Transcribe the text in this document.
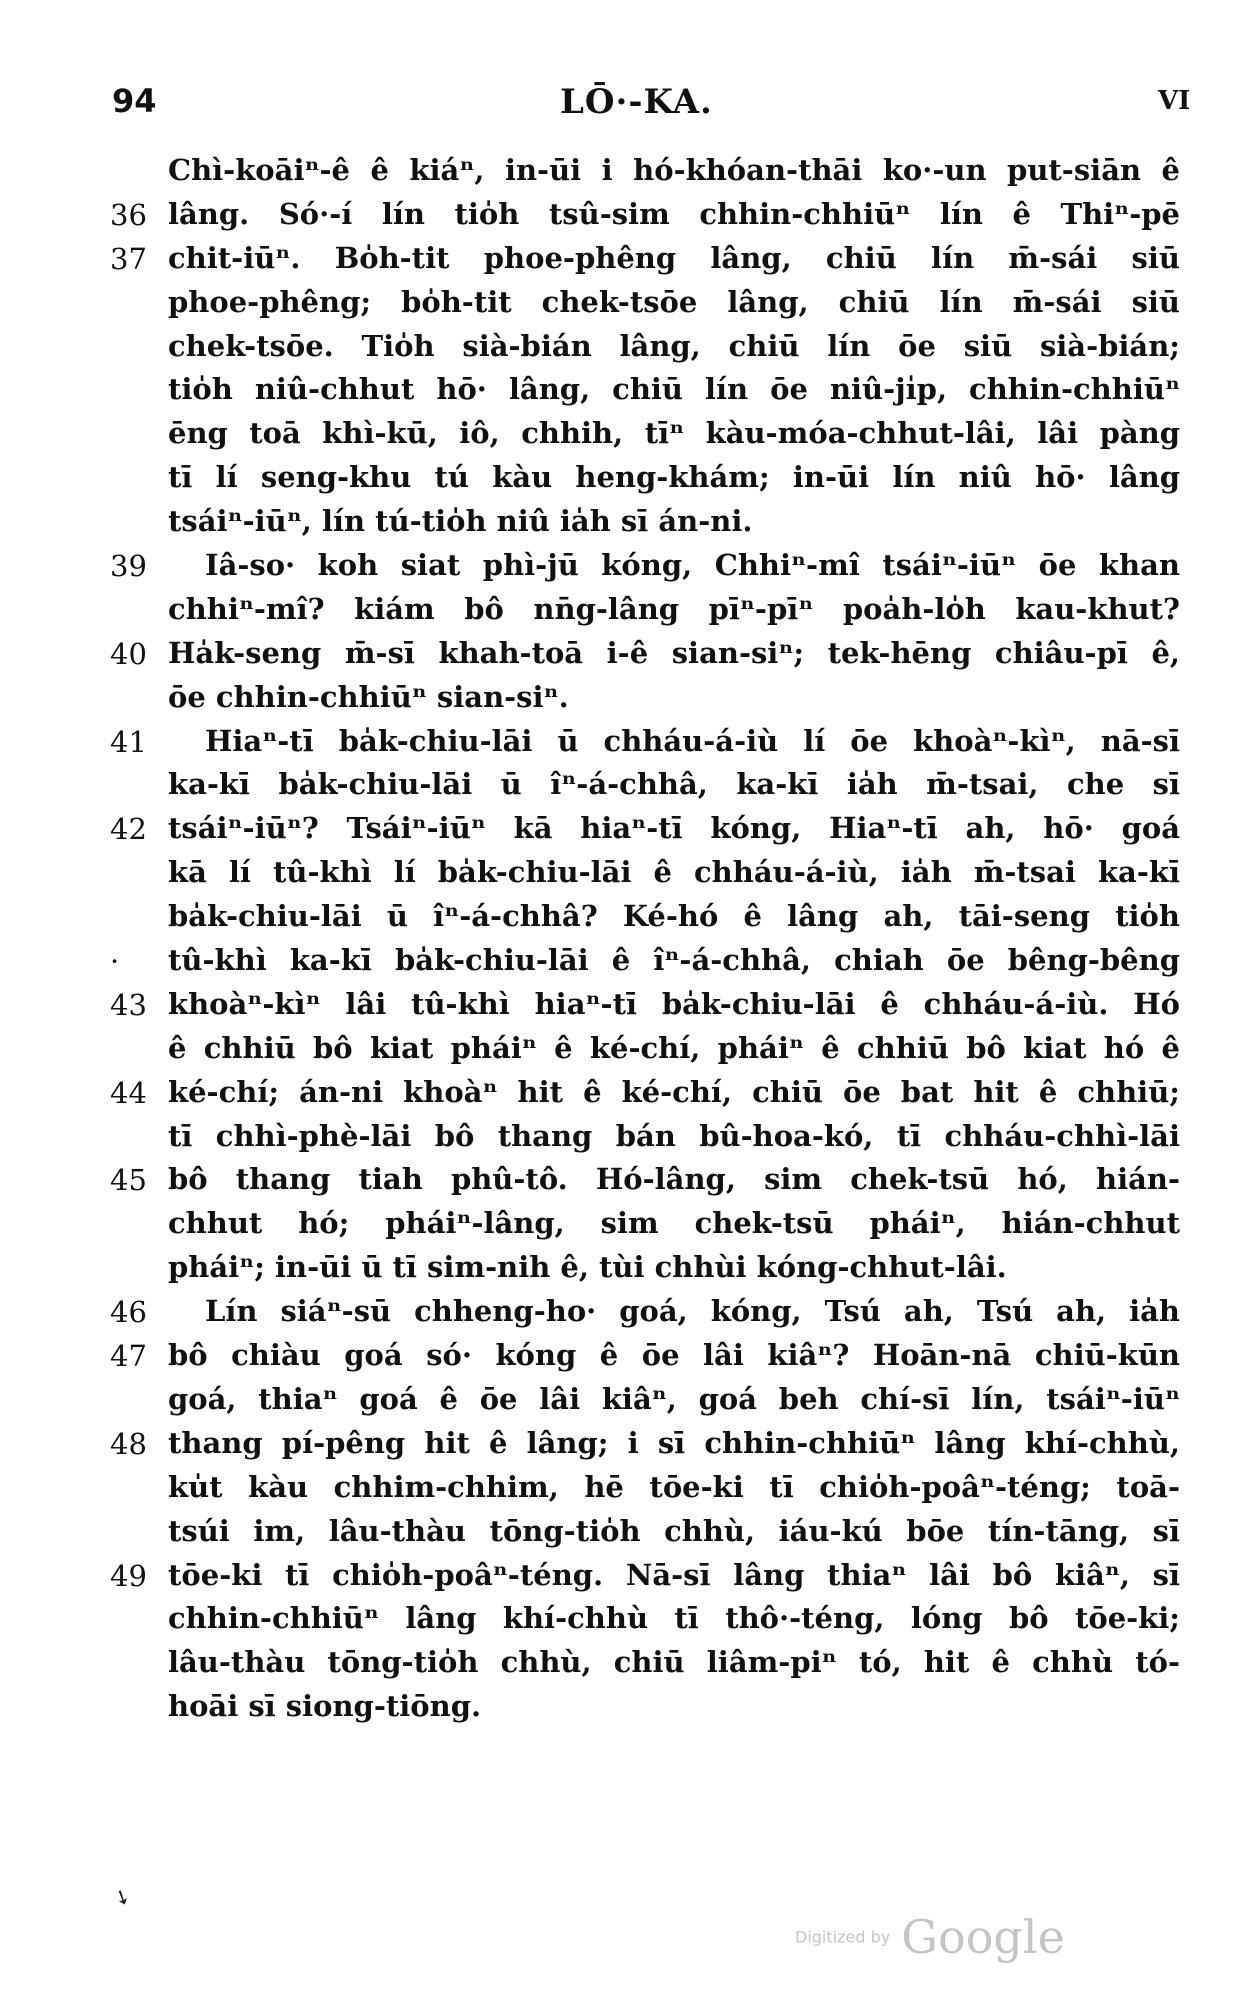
94	LŌ·-KA.	VI
Chì-koāiⁿ-ê ê kiáⁿ, in-ūi i hó-khóan-thāi ko·-un put-siān ê
36 lâng. Só·-í lín tio̍h tsû-sim chhin-chhiūⁿ lín ê Thiⁿ-pē
37 chit-iūⁿ. Bo̍h-tit phoe-phêng lâng, chiū lín m̄-sái siū
phoe-phêng; bo̍h-tit chek-tsōe lâng, chiū lín m̄-sái siū
chek-tsōe. Tio̍h sià-bián lâng, chiū lín ōe siū sià-bián;
tio̍h niû-chhut hō· lâng, chiū lín ōe niû-ji̍p, chhin-chhiūⁿ
ēng toā khì-kū, iô, chhih, tīⁿ kàu-móa-chhut-lâi, lâi pàng
tī lí seng-khu tú kàu heng-khám; in-ūi lín niû hō· lâng
tsáiⁿ-iūⁿ, lín tú-tio̍h niû ia̍h sī án-ni.
39	Iâ-so· koh siat phì-jū kóng, Chhiⁿ-mî tsáiⁿ-iūⁿ ōe khan
chhiⁿ-mî? kiám bô nn̄g-lâng pīⁿ-pīⁿ poa̍h-lo̍h kau-khut?
40 Ha̍k-seng m̄-sī khah-toā i-ê sian-siⁿ; tek-hēng chiâu-pī ê,
ōe chhin-chhiūⁿ sian-siⁿ.
41	Hiaⁿ-tī ba̍k-chiu-lāi ū chháu-á-iù lí ōe khoàⁿ-kìⁿ, nā-sī
ka-kī ba̍k-chiu-lāi ū îⁿ-á-chhâ, ka-kī ia̍h m̄-tsai, che sī
42 tsáiⁿ-iūⁿ? Tsáiⁿ-iūⁿ kā hiaⁿ-tī kóng, Hiaⁿ-tī ah, hō· goá
kā lí tû-khì lí ba̍k-chiu-lāi ê chháu-á-iù, ia̍h m̄-tsai ka-kī
ba̍k-chiu-lāi ū îⁿ-á-chhâ? Ké-hó ê lâng ah, tāi-seng tio̍h
·	tû-khì ka-kī ba̍k-chiu-lāi ê îⁿ-á-chhâ, chiah ōe bêng-bêng
43 khoàⁿ-kìⁿ lâi tû-khì hiaⁿ-tī ba̍k-chiu-lāi ê chháu-á-iù. Hó
ê chhiū bô kiat pháiⁿ ê ké-chí, pháiⁿ ê chhiū bô kiat hó ê
44 ké-chí; án-ni khoàⁿ hit ê ké-chí, chiū ōe bat hit ê chhiū;
tī chhì-phè-lāi bô thang bán bû-hoa-kó, tī chháu-chhì-lāi
45 bô thang tiah phû-tô. Hó-lâng, sim chek-tsū hó, hián-
chhut hó; pháiⁿ-lâng, sim chek-tsū pháiⁿ, hián-chhut
pháiⁿ; in-ūi ū tī sim-nih ê, tùi chhùi kóng-chhut-lâi.
46	Lín siáⁿ-sū chheng-ho· goá, kóng, Tsú ah, Tsú ah, ia̍h
47 bô chiàu goá só· kóng ê ōe lâi kiâⁿ? Hoān-nā chiū-kūn
goá, thiaⁿ goá ê ōe lâi kiâⁿ, goá beh chí-sī lín, tsáiⁿ-iūⁿ
48 thang pí-pêng hit ê lâng; i sī chhin-chhiūⁿ lâng khí-chhù,
ku̍t kàu chhim-chhim, hē tōe-ki tī chio̍h-poâⁿ-téng; toā-
tsúi im, lâu-thàu tōng-tio̍h chhù, iáu-kú bōe tín-tāng, sī
49 tōe-ki tī chio̍h-poâⁿ-téng. Nā-sī lâng thiaⁿ lâi bô kiâⁿ, sī
chhin-chhiūⁿ lâng khí-chhù tī thô·-téng, lóng bô tōe-ki;
lâu-thàu tōng-tio̍h chhù, chiū liâm-piⁿ tó, hit ê chhù tó-
hoāi sī siong-tiōng.
➘
Digitized by Google
